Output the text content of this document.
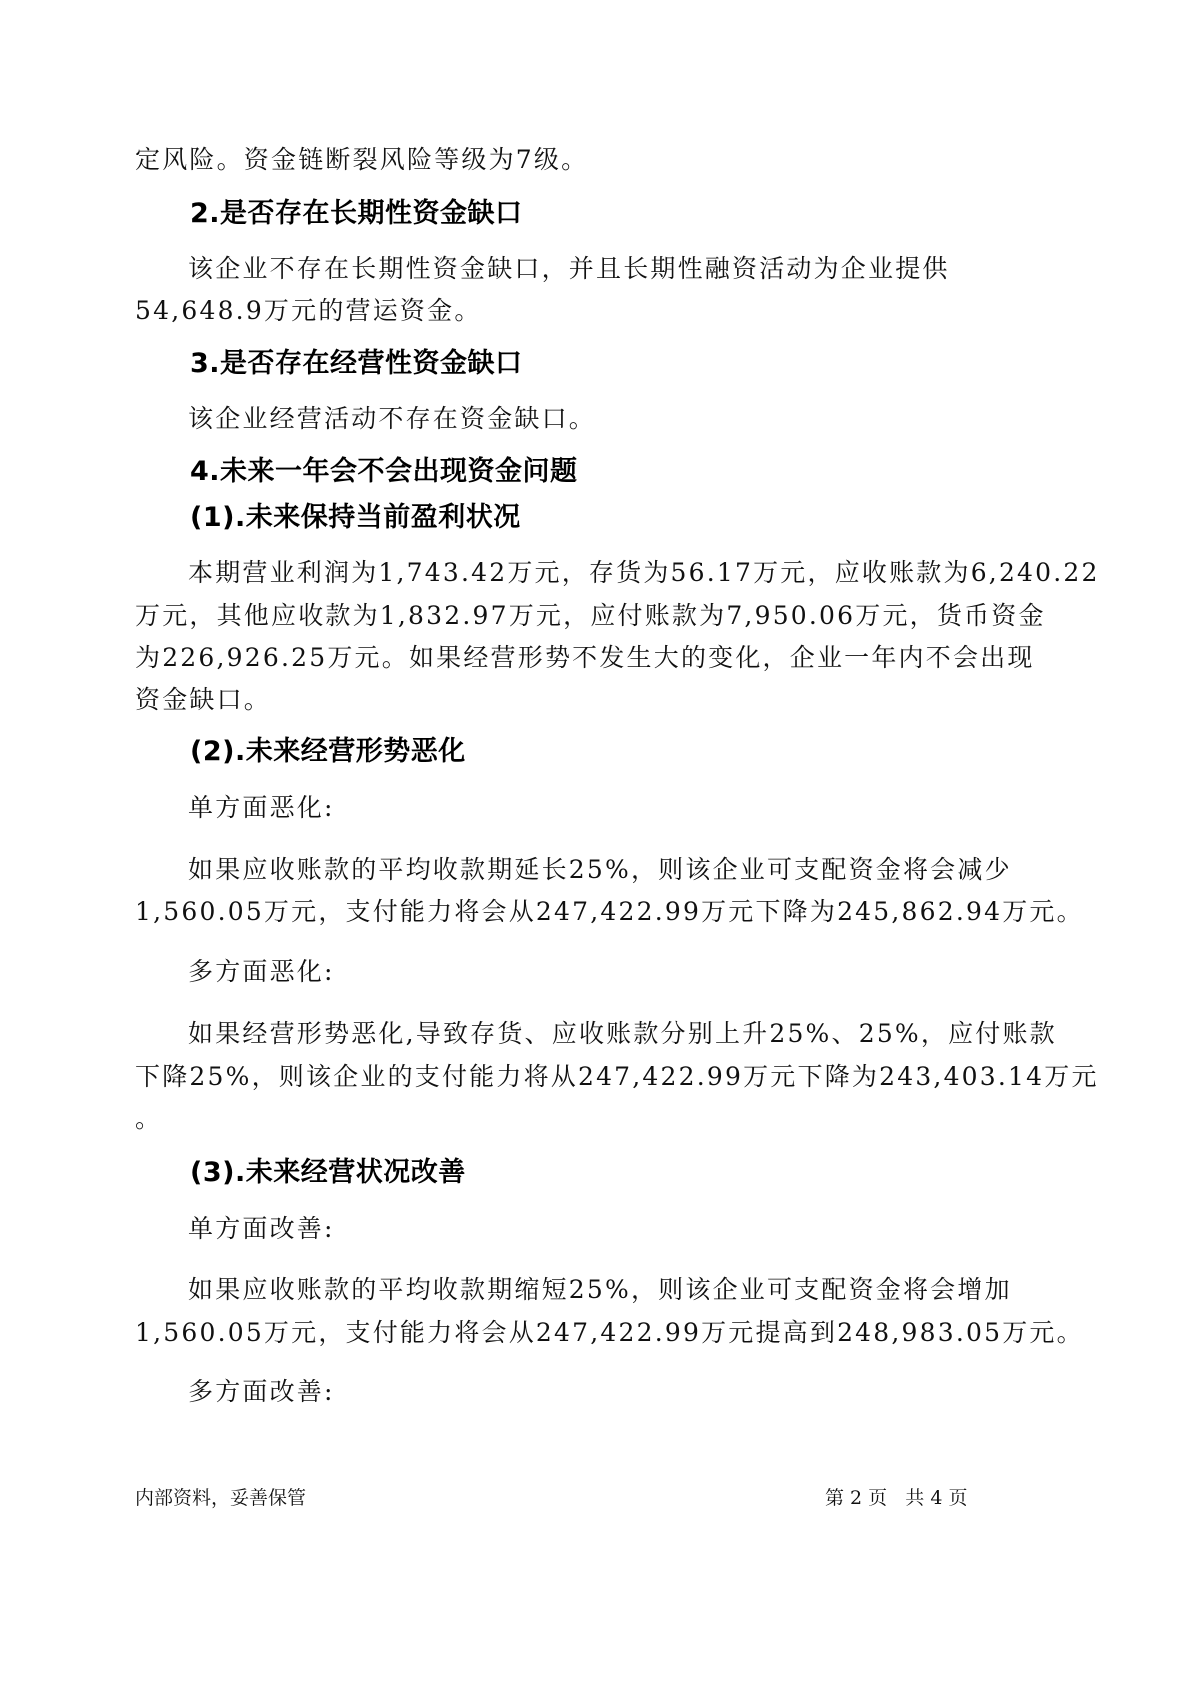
定风险。资金链断裂风险等级为7级。
2.是否存在长期性资金缺口
该企业不存在长期性资金缺口，并且长期性融资活动为企业提供
54,648.9万元的营运资金。
3.是否存在经营性资金缺口
该企业经营活动不存在资金缺口。
4.未来一年会不会出现资金问题
(1).未来保持当前盈利状况
本期营业利润为1,743.42万元，存货为56.17万元，应收账款为6,240.22
万元，其他应收款为1,832.97万元，应付账款为7,950.06万元，货币资金
为226,926.25万元。如果经营形势不发生大的变化，企业一年内不会出现
资金缺口。
(2).未来经营形势恶化
单方面恶化:
如果应收账款的平均收款期延长25%，则该企业可支配资金将会减少
1,560.05万元，支付能力将会从247,422.99万元下降为245,862.94万元。
多方面恶化:
如果经营形势恶化,导致存货、应收账款分别上升25%、25%，应付账款
下降25%，则该企业的支付能力将从247,422.99万元下降为243,403.14万元
。
(3).未来经营状况改善
单方面改善:
如果应收账款的平均收款期缩短25%，则该企业可支配资金将会增加
1,560.05万元，支付能力将会从247,422.99万元提高到248,983.05万元。
多方面改善:
内部资料，妥善保管	第 2 页   共 4 页
